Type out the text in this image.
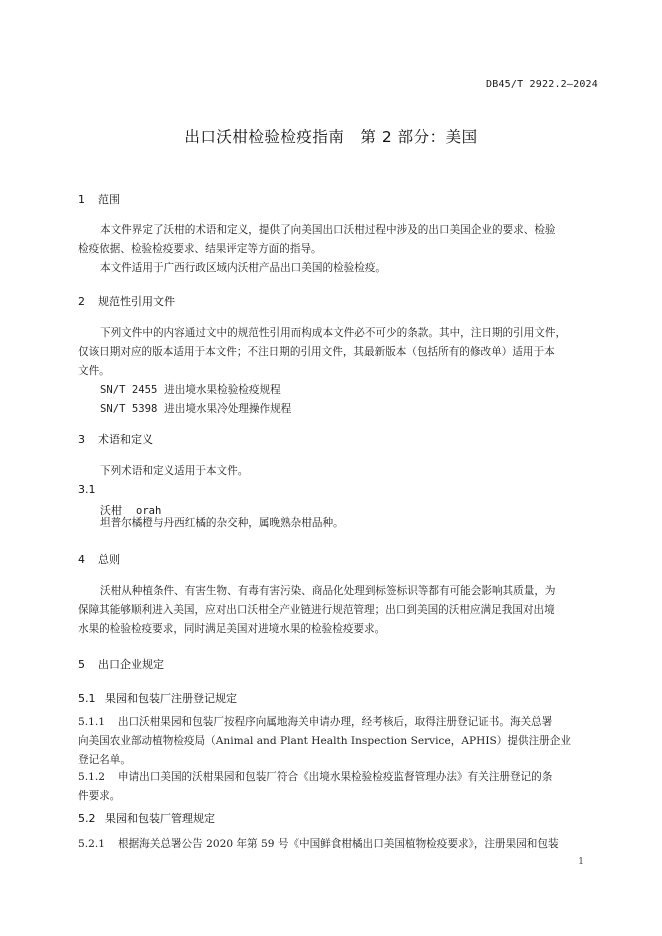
DB45/T 2922.2—2024
出口沃柑检验检疫指南　第 2 部分：美国
1 范围
本文件界定了沃柑的术语和定义，提供了向美国出口沃柑过程中涉及的出口美国企业的要求、检验
检疫依据、检验检疫要求、结果评定等方面的指导。
本文件适用于广西行政区域内沃柑产品出口美国的检验检疫。
2 规范性引用文件
下列文件中的内容通过文中的规范性引用而构成本文件必不可少的条款。其中，注日期的引用文件，
仅该日期对应的版本适用于本文件；不注日期的引用文件，其最新版本（包括所有的修改单）适用于本
文件。
SN/T 2455 进出境水果检验检疫规程
SN/T 5398 进出境水果冷处理操作规程
3 术语和定义
下列术语和定义适用于本文件。
3.1
沃柑 orah
坦普尔橘橙与丹西红橘的杂交种，属晚熟杂柑品种。
4 总则
沃柑从种植条件、有害生物、有毒有害污染、商品化处理到标签标识等都有可能会影响其质量，为
保障其能够顺利进入美国，应对出口沃柑全产业链进行规范管理；出口到美国的沃柑应满足我国对出境
水果的检验检疫要求，同时满足美国对进境水果的检验检疫要求。
5 出口企业规定
5.1 果园和包装厂注册登记规定
5.1.1 出口沃柑果园和包装厂按程序向属地海关申请办理，经考核后，取得注册登记证书。海关总署
向美国农业部动植物检疫局（Animal and Plant Health Inspection Service，APHIS）提供注册企业
登记名单。
5.1.2 申请出口美国的沃柑果园和包装厂符合《出境水果检验检疫监督管理办法》有关注册登记的条
件要求。
5.2 果园和包装厂管理规定
5.2.1 根据海关总署公告 2020 年第 59 号《中国鲜食柑橘出口美国植物检疫要求》，注册果园和包装
1
